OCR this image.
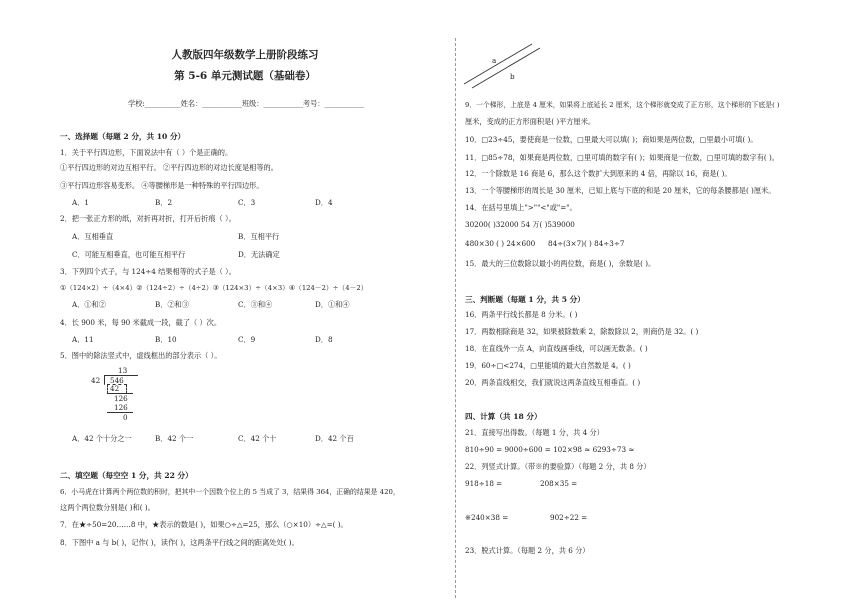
人教版四年级数学上册阶段练习
第 5-6 单元测试题（基础卷）
学校:__________姓名：___________班级：___________考号：___________
一、选择题（每题 2 分，共 10 分）
1．关于平行四边形，下面说法中有（ ）个是正确的。
①平行四边形的对边互相平行。 ②平行四边形的对边长度是相等的。
③平行四边形容易变形。 ④等腰梯形是一种特殊的平行四边形。
A．1	B．2	C．3	D．4
2．把一张正方形的纸，对折再对折，打开后折痕（ ）。
A．互相垂直	B．互相平行
C．可能互相垂直，也可能互相平行	D．无法确定
3．下列四个式子，与 124÷4 结果相等的式子是（ ）。
①（124×2）÷（4×4）②（124÷2）÷（4÷2）③（124×3）÷（4×3）④（124－2）÷（4－2）
A．①和②	B．②和③	C．③和④	D．①和④
4．长 900 米，每 90 米截成一段，截了（ ）次。
A．11	B．10	C．9	D．8
5．图中的除法竖式中，虚线框出的部分表示（ ）。
13
42 546
42
126
126
0
A．42 个十分之一	B．42 个一	C．42 个十	D．42 个百
二、填空题（每空空 1 分，共 22 分）
6．小马虎在计算两个两位数的积时，把其中一个因数个位上的 5 当成了 3，结果得 364，正确的结果是 420，
这两个两位数分别是( )和( )。
7．在★÷50=20……8 中，★表示的数是( )，如果○÷△=25，那么（○×10）÷△=( )。
8．下图中 a 与 b( )，记作( )，读作( )，这两条平行线之间的距离处处( )。
a
b
9．一个梯形，上底是 4 厘米，如果将上底延长 2 厘米，这个梯形就变成了正方形，这个梯形的下底是( )
厘米，变成的正方形面积是( )平方厘米。
10．□23÷45，要使商是一位数，□里最大可以填( )；商如果是两位数，□里最小可填( )。
11．□85÷78，如果商是两位数，□里可填的数字有( )；如果商是一位数，□里可填的数字有( )。
12．一个除数是 16 商是 6，那么这个数扩大到原来的 4 倍，再除以 16，商是( )。
13．一个等腰梯形的周长是 30 厘米，已知上底与下底的和是 20 厘米，它的每条腰都是( )厘米。
14．在括号里填上">""<"或"="。
30200( )32000 54 万( )539000
480×30 ( ) 24×600 84÷(3×7)( ) 84÷3÷7
15．最大的三位数除以最小的两位数，商是( )，余数是( )。
三、判断题（每题 1 分，共 5 分）
16．两条平行线长都是 8 分米。( )
17．两数相除商是 32，如果被除数乘 2，除数除以 2，则商仍是 32。( )
18．在直线外一点 A，向直线画垂线，可以画无数条。( )
19．60÷□<274，□里能填的最大自然数是 4。( )
20．两条直线相交，我们就说这两条直线互相垂直。( )
四、计算（共 18 分）
21．直接写出得数。（每题 1 分，共 4 分）
810÷90 = 9000÷600 = 102×98 ≈ 6293÷73 ≈
22．列竖式计算。（带※的要验算）（每题 2 分，共 8 分）
918÷18 =	208×35 =
※240×38 =	902÷22 =
23．脱式计算。（每题 2 分，共 6 分）
